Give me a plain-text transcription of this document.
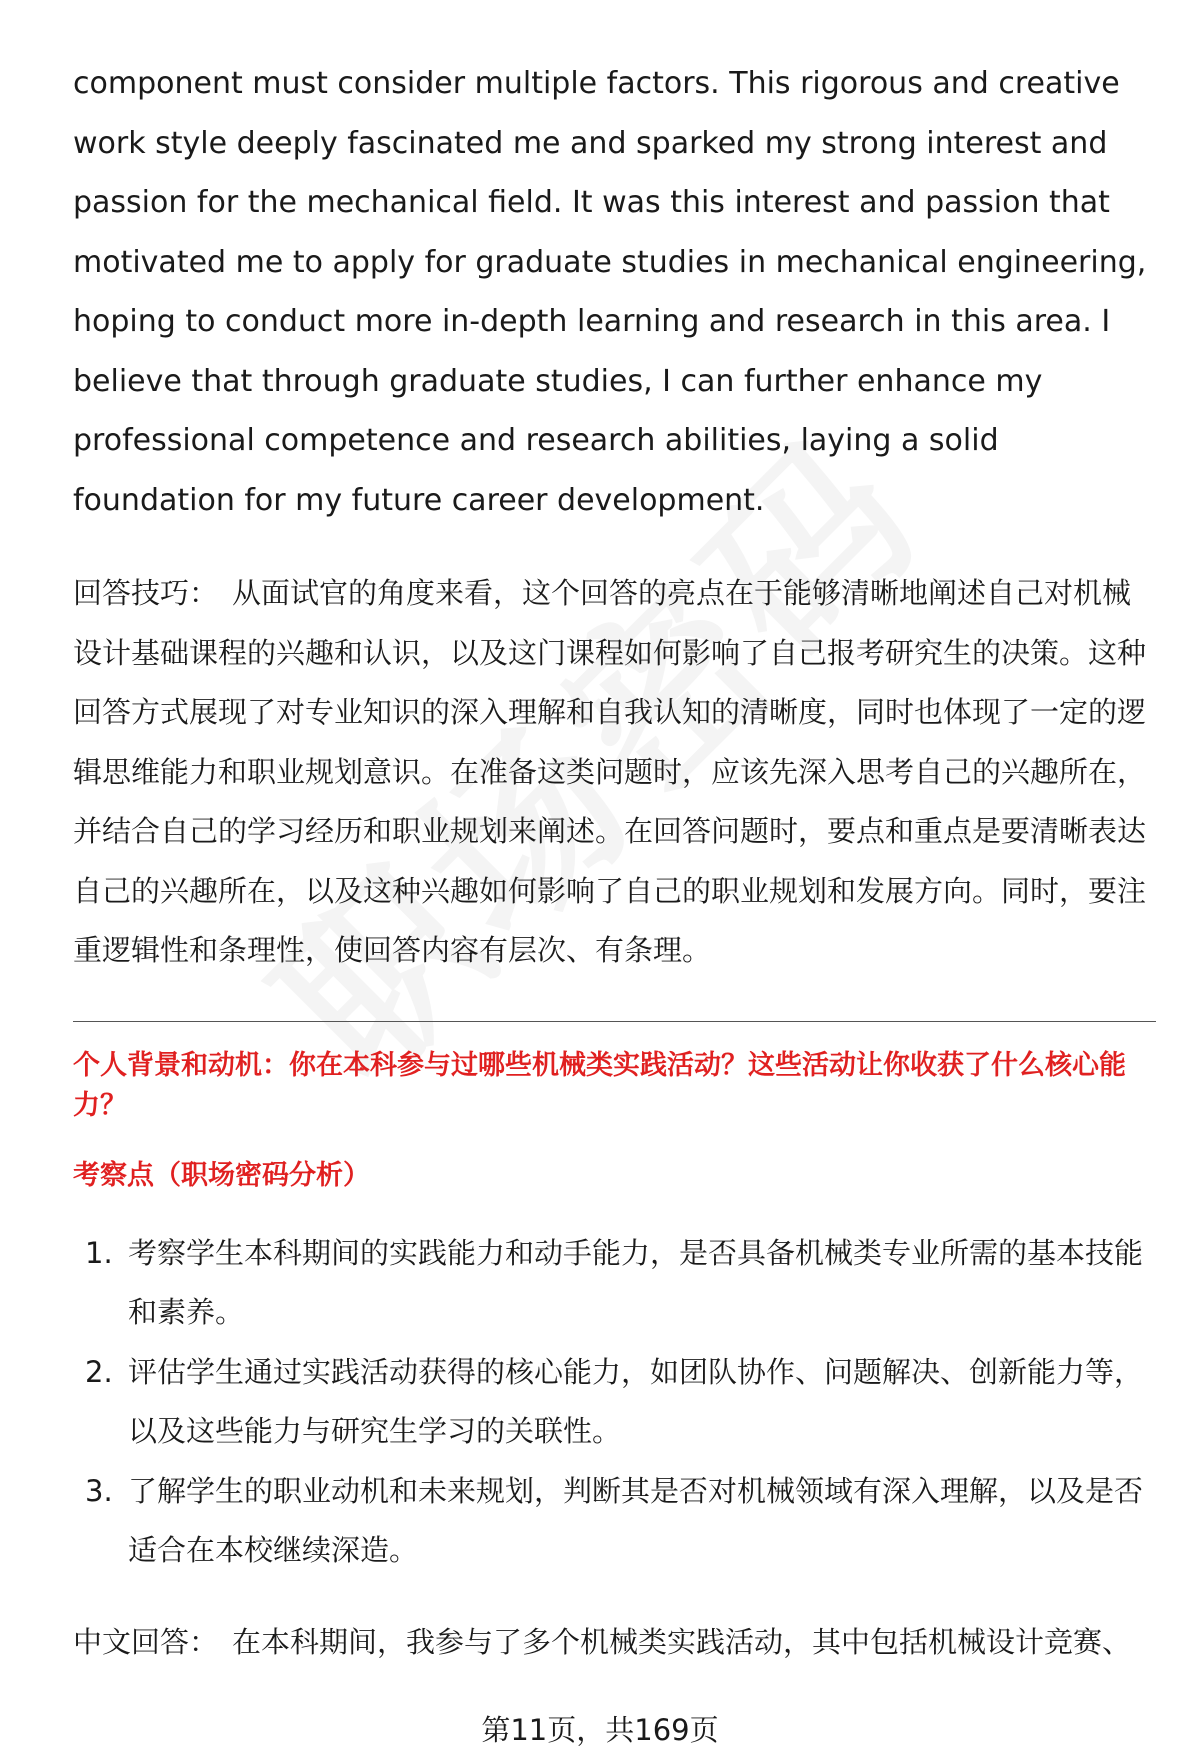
component must consider multiple factors. This rigorous and creative work style deeply fascinated me and sparked my strong interest and passion for the mechanical field. It was this interest and passion that motivated me to apply for graduate studies in mechanical engineering, hoping to conduct more in-depth learning and research in this area. I believe that through graduate studies, I can further enhance my professional competence and research abilities, laying a solid foundation for my future career development.

回答技巧： 从面试官的角度来看，这个回答的亮点在于能够清晰地阐述自己对机械设计基础课程的兴趣和认识，以及这门课程如何影响了自己报考研究生的决策。这种回答方式展现了对专业知识的深入理解和自我认知的清晰度，同时也体现了一定的逻辑思维能力和职业规划意识。在准备这类问题时，应该先深入思考自己的兴趣所在，并结合自己的学习经历和职业规划来阐述。在回答问题时，要点和重点是要清晰表达自己的兴趣所在，以及这种兴趣如何影响了自己的职业规划和发展方向。同时，要注重逻辑性和条理性，使回答内容有层次、有条理。

个人背景和动机：你在本科参与过哪些机械类实践活动？这些活动让你收获了什么核心能力？

考察点（职场密码分析）

1. 考察学生本科期间的实践能力和动手能力，是否具备机械类专业所需的基本技能和素养。
2. 评估学生通过实践活动获得的核心能力，如团队协作、问题解决、创新能力等，以及这些能力与研究生学习的关联性。
3. 了解学生的职业动机和未来规划，判断其是否对机械领域有深入理解，以及是否适合在本校继续深造。

中文回答： 在本科期间，我参与了多个机械类实践活动，其中包括机械设计竞赛、

第11页，共169页
